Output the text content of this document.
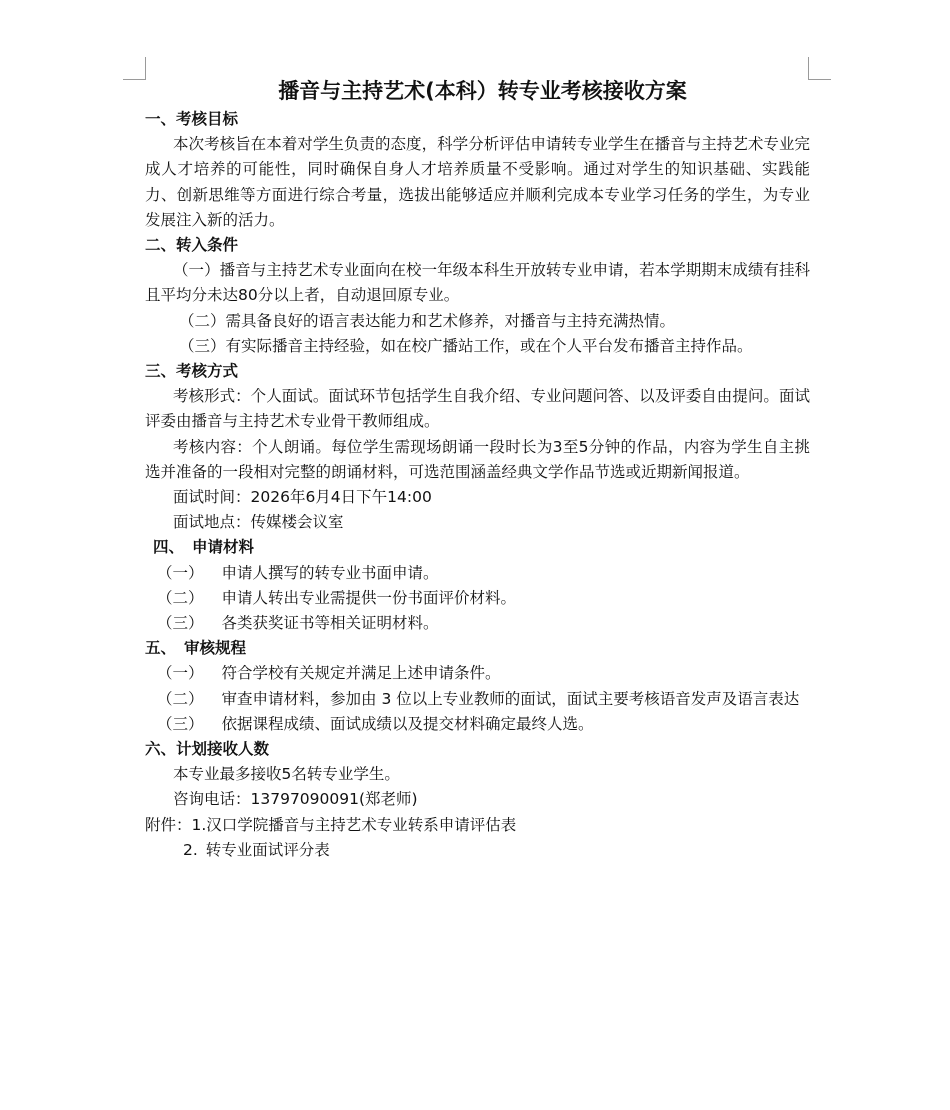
播音与主持艺术(本科）转专业考核接收方案
一、考核目标
本次考核旨在本着对学生负责的态度，科学分析评估申请转专业学生在播音与主持艺术专业完成人才培养的可能性，同时确保自身人才培养质量不受影响。通过对学生的知识基础、实践能力、创新思维等方面进行综合考量，选拔出能够适应并顺利完成本专业学习任务的学生，为专业发展注入新的活力。
二、转入条件
（一）播音与主持艺术专业面向在校一年级本科生开放转专业申请，若本学期期末成绩有挂科且平均分未达80分以上者，自动退回原专业。
（二）需具备良好的语言表达能力和艺术修养，对播音与主持充满热情。
（三）有实际播音主持经验，如在校广播站工作，或在个人平台发布播音主持作品。
三、考核方式
考核形式：个人面试。面试环节包括学生自我介绍、专业问题问答、以及评委自由提问。面试评委由播音与主持艺术专业骨干教师组成。
考核内容：个人朗诵。每位学生需现场朗诵一段时长为3至5分钟的作品，内容为学生自主挑选并准备的一段相对完整的朗诵材料，可选范围涵盖经典文学作品节选或近期新闻报道。
面试时间：2026年6月4日下午14:00
面试地点：传媒楼会议室
四、 申请材料
（一） 申请人撰写的转专业书面申请。
（二） 申请人转出专业需提供一份书面评价材料。
（三） 各类获奖证书等相关证明材料。
五、 审核规程
（一） 符合学校有关规定并满足上述申请条件。
（二） 审查申请材料，参加由 3 位以上专业教师的面试，面试主要考核语音发声及语言表达
（三） 依据课程成绩、面试成绩以及提交材料确定最终人选。
六、计划接收人数
本专业最多接收5名转专业学生。
咨询电话：13797090091(郑老师)
附件：1.汉口学院播音与主持艺术专业转系申请评估表
2. 转专业面试评分表
